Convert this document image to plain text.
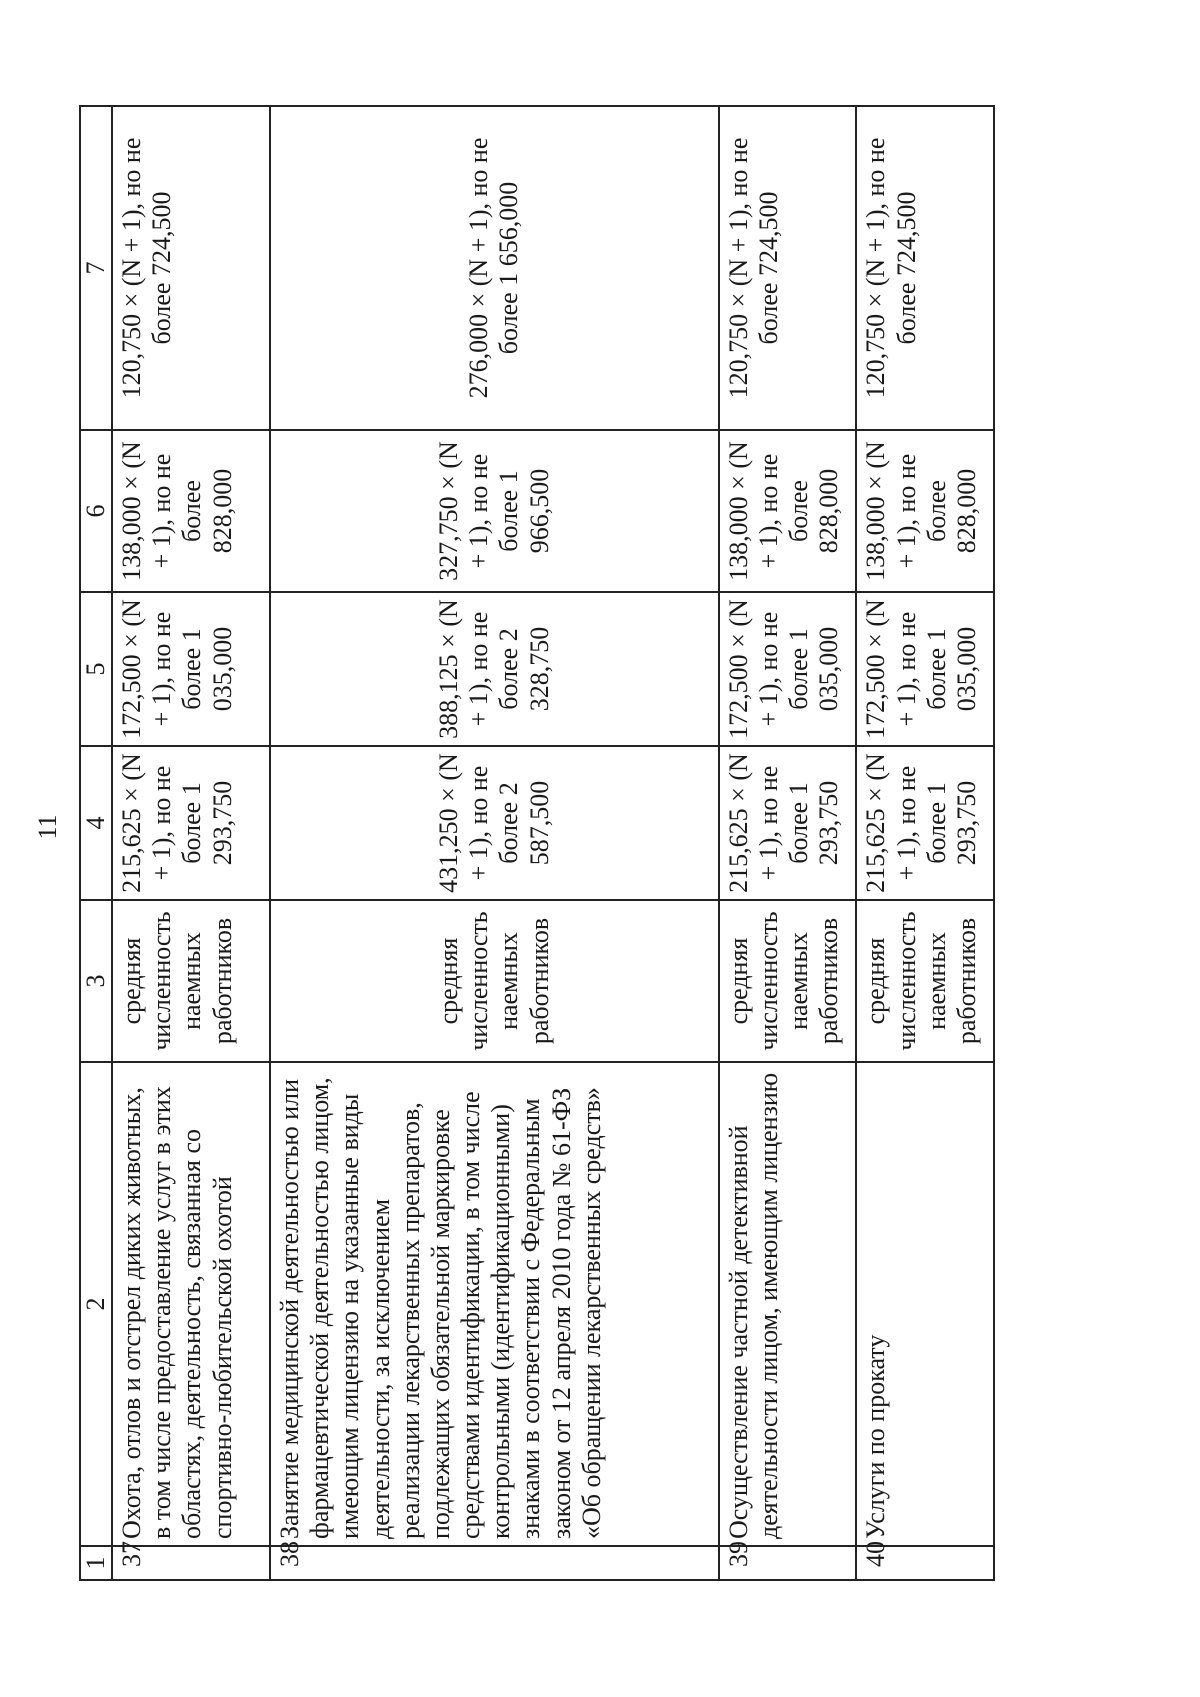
11
1	2	3	4	5	6	7
37	Охота, отлов и отстрел диких животных, в том числе предоставление услуг в этих областях, деятельность, связанная со спортивно-любительской охотой	средняя численность наемных работников	215,625 × (N + 1), но не более 1 293,750	172,500 × (N + 1), но не более 1 035,000	138,000 × (N + 1), но не более 828,000	120,750 × (N + 1), но не более 724,500
38	Занятие медицинской деятельностью или фармацевтической деятельностью лицом, имеющим лицензию на указанные виды деятельности, за исключением реализации лекарственных препаратов, подлежащих обязательной маркировке средствами идентификации, в том числе контрольными (идентификационными) знаками в соответствии с Федеральным законом от 12 апреля 2010 года № 61-ФЗ «Об обращении лекарственных средств»	средняя численность наемных работников	431,250 × (N + 1), но не более 2 587,500	388,125 × (N + 1), но не более 2 328,750	327,750 × (N + 1), но не более 1 966,500	276,000 × (N + 1), но не более 1 656,000
39	Осуществление частной детективной деятельности лицом, имеющим лицензию	средняя численность наемных работников	215,625 × (N + 1), но не более 1 293,750	172,500 × (N + 1), но не более 1 035,000	138,000 × (N + 1), но не более 828,000	120,750 × (N + 1), но не более 724,500
40	Услуги по прокату	средняя численность наемных работников	215,625 × (N + 1), но не более 1 293,750	172,500 × (N + 1), но не более 1 035,000	138,000 × (N + 1), но не более 828,000	120,750 × (N + 1), но не более 724,500
